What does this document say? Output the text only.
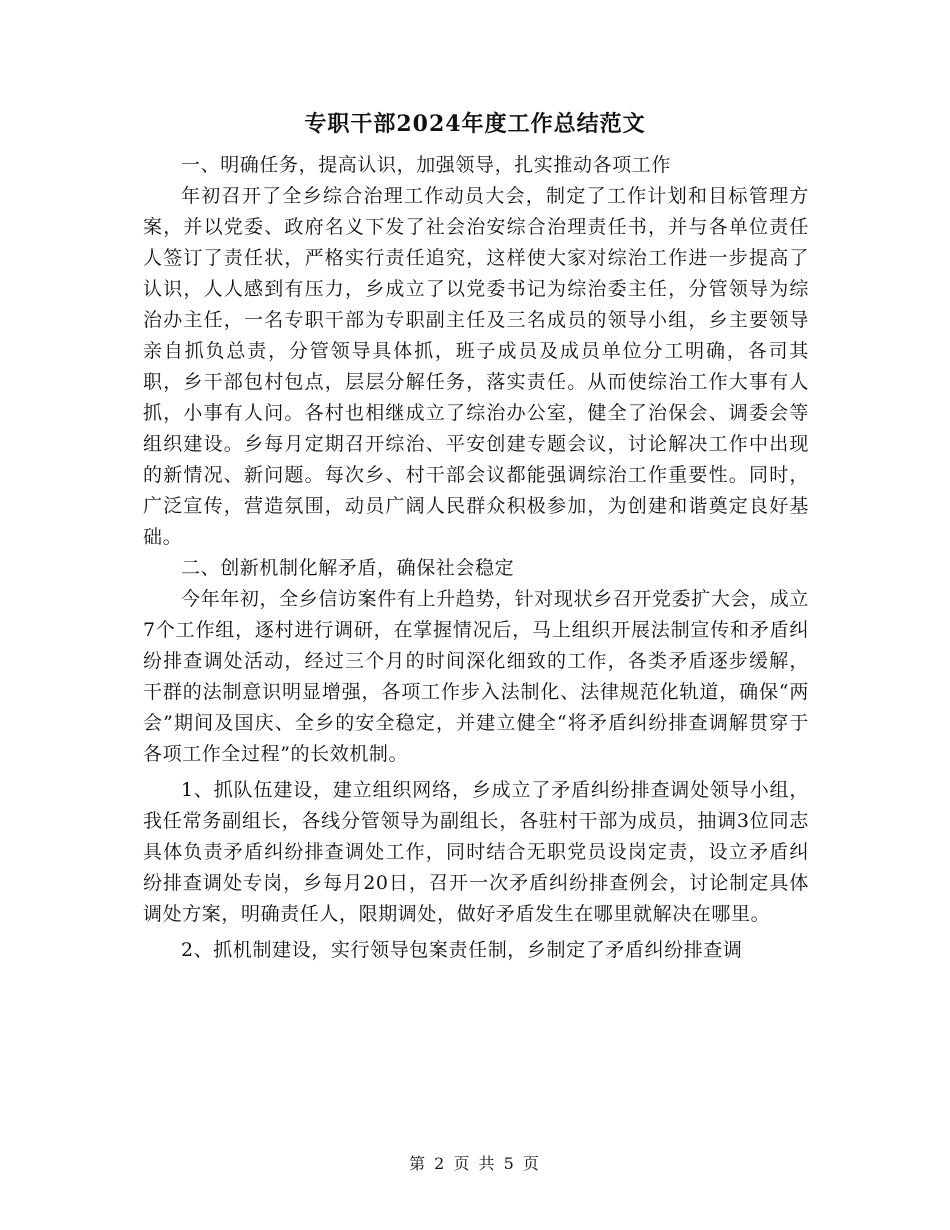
专职干部2024年度工作总结范文

一、明确任务，提高认识，加强领导，扎实推动各项工作

年初召开了全乡综合治理工作动员大会，制定了工作计划和目标管理方案，并以党委、政府名义下发了社会治安综合治理责任书，并与各单位责任人签订了责任状，严格实行责任追究，这样使大家对综治工作进一步提高了认识，人人感到有压力，乡成立了以党委书记为综治委主任，分管领导为综治办主任，一名专职干部为专职副主任及三名成员的领导小组，乡主要领导亲自抓负总责，分管领导具体抓，班子成员及成员单位分工明确，各司其职，乡干部包村包点，层层分解任务，落实责任。从而使综治工作大事有人抓，小事有人问。各村也相继成立了综治办公室，健全了治保会、调委会等组织建设。乡每月定期召开综治、平安创建专题会议，讨论解决工作中出现的新情况、新问题。每次乡、村干部会议都能强调综治工作重要性。同时，广泛宣传，营造氛围，动员广阔人民群众积极参加，为创建和谐奠定良好基础。

二、创新机制化解矛盾，确保社会稳定

今年年初，全乡信访案件有上升趋势，针对现状乡召开党委扩大会，成立7个工作组，逐村进行调研，在掌握情况后，马上组织开展法制宣传和矛盾纠纷排查调处活动，经过三个月的时间深化细致的工作，各类矛盾逐步缓解，干群的法制意识明显增强，各项工作步入法制化、法律规范化轨道，确保“两会”期间及国庆、全乡的安全稳定，并建立健全“将矛盾纠纷排查调解贯穿于各项工作全过程”的长效机制。

1、抓队伍建设，建立组织网络，乡成立了矛盾纠纷排查调处领导小组，我任常务副组长，各线分管领导为副组长，各驻村干部为成员，抽调3位同志具体负责矛盾纠纷排查调处工作，同时结合无职党员设岗定责，设立矛盾纠纷排查调处专岗，乡每月20日，召开一次矛盾纠纷排查例会，讨论制定具体调处方案，明确责任人，限期调处，做好矛盾发生在哪里就解决在哪里。

2、抓机制建设，实行领导包案责任制，乡制定了矛盾纠纷排查调

第 2 页 共 5 页
